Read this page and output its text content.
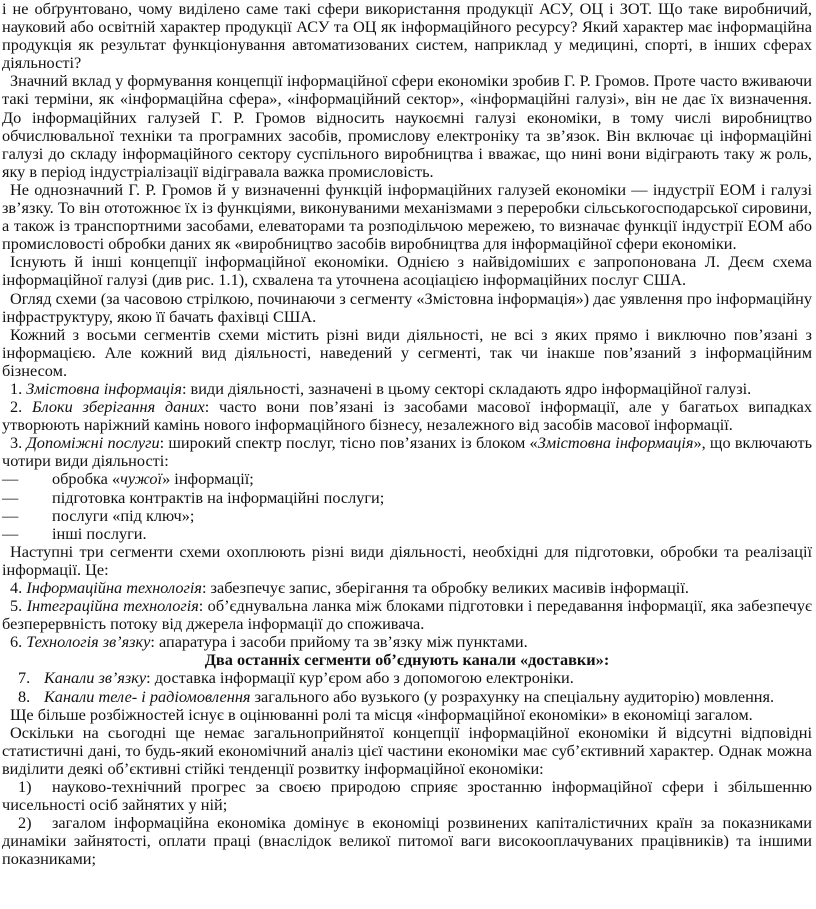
і не обґрунтовано, чому виділено саме такі сфери використання продукції АСУ, ОЦ і ЗОТ. Що таке виробничий, науковий або освітній характер продукції АСУ та ОЦ як інформаційного ресурсу? Який характер має інформаційна продукція як результат функціонування автоматизованих систем, наприклад у медицині, спорті, в інших сферах діяльності?

Значний вклад у формування концепції інформаційної сфери економіки зробив Г. Р. Громов. Проте часто вживаючи такі терміни, як «інформаційна сфера», «інформаційний сектор», «інформаційні галузі», він не дає їх визначення. До інформаційних галузей Г. Р. Громов відносить наукоємні галузі економіки, в тому числі виробництво обчислювальної техніки та програмних засобів, промислову електроніку та зв’язок. Він включає ці інформаційні галузі до складу інформаційного сектору суспільного виробництва і вважає, що нині вони відіграють таку ж роль, яку в період індустріалізації відігравала важка промисловість.

Не однозначний Г. Р. Громов й у визначенні функцій інформаційних галузей економіки — індустрії ЕОМ і галузі зв’язку. То він ототожнює їх із функціями, виконуваними механізмами з переробки сільськогосподарської сировини, а також із транспортними засобами, елеваторами та розподільчою мережею, то визначає функції індустрії ЕОМ або промисловості обробки даних як «виробництво засобів виробництва для інформаційної сфери економіки.

Існують й інші концепції інформаційної економіки. Однією з найвідоміших є запропонована Л. Деєм схема інформаційної галузі (див рис. 1.1), схвалена та уточнена асоціацією інформаційних послуг США.

Огляд схеми (за часовою стрілкою, починаючи з сегменту «Змістовна інформація») дає уявлення про інформаційну інфраструктуру, якою її бачать фахівці США.

Кожний з восьми сегментів схеми містить різні види діяльності, не всі з яких прямо і виключно пов’язані з інформацією. Але кожний вид діяльності, наведений у сегменті, так чи інакше пов’язаний з інформаційним бізнесом.

1. Змістовна інформація: види діяльності, зазначені в цьому секторі складають ядро інформаційної галузі.

2. Блоки зберігання даних: часто вони пов’язані із засобами масової інформації, але у багатьох випадках утворюють наріжний камінь нового інформаційного бізнесу, незалежного від засобів масової інформації.

3. Допоміжні послуги: широкий спектр послуг, тісно пов’язаних із блоком «Змістовна інформація», що включають чотири види діяльності:

—	обробка «чужої» інформації;
—	підготовка контрактів на інформаційні послуги;
—	послуги «під ключ»;
—	інші послуги.

Наступні три сегменти схеми охоплюють різні види діяльності, необхідні для підготовки, обробки та реалізації інформації. Це:

4. Інформаційна технологія: забезпечує запис, зберігання та обробку великих масивів інформації.

5. Інтеграційна технологія: об’єднувальна ланка між блоками підготовки і передавання інформації, яка забезпечує безперервність потоку від джерела інформації до споживача.

6. Технологія зв’язку: апаратура і засоби прийому та зв’язку між пунктами.

Два останніх сегменти об’єднують канали «доставки»:

7. Канали зв’язку: доставка інформації кур’єром або з допомогою електроніки.

8. Канали теле- і радіомовлення загального або вузького (у розрахунку на спеціальну аудиторію) мовлення.

Ще більше розбіжностей існує в оцінюванні ролі та місця «інформаційної економіки» в економіці загалом.

Оскільки на сьогодні ще немає загальноприйнятої концепції інформаційної економіки й відсутні відповідні статистичні дані, то будь-який економічний аналіз цієї частини економіки має суб’єктивний характер. Однак можна виділити деякі об’єктивні стійкі тенденції розвитку інформаційної економіки:

1) науково-технічний прогрес за своєю природою сприяє зростанню інформаційної сфери і збільшенню чисельності осіб зайнятих у ній;

2) загалом інформаційна економіка домінує в економіці розвинених капіталістичних країн за показниками динаміки зайнятості, оплати праці (внаслідок великої питомої ваги високооплачуваних працівників) та іншими показниками;
